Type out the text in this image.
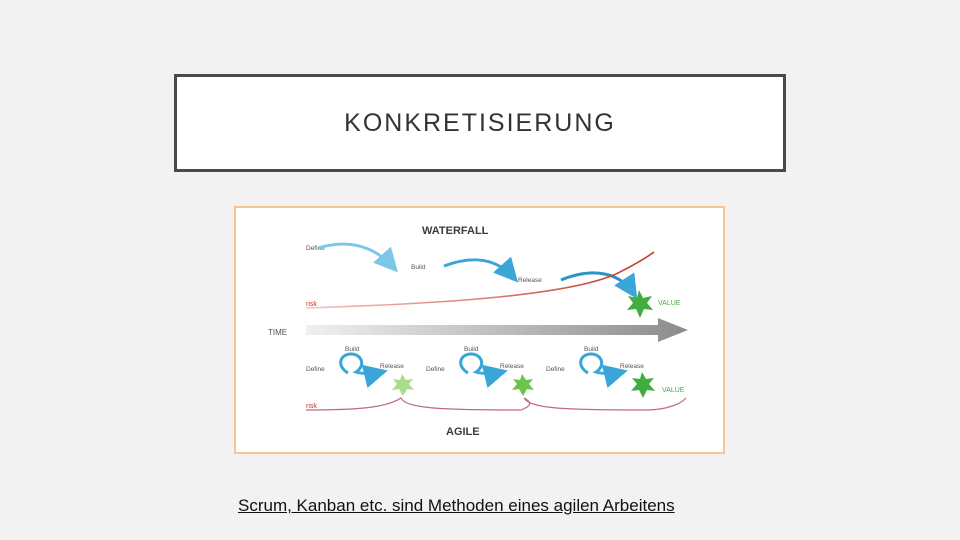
KONKRETISIERUNG
WATERFALL
Define
Build
Release
risk	VALUE
TIME
Define
Build
Release	Define
Build
Release	Define
Build
Release
VALUE
risk
AGILE
Scrum, Kanban etc. sind Methoden eines agilen Arbeitens
